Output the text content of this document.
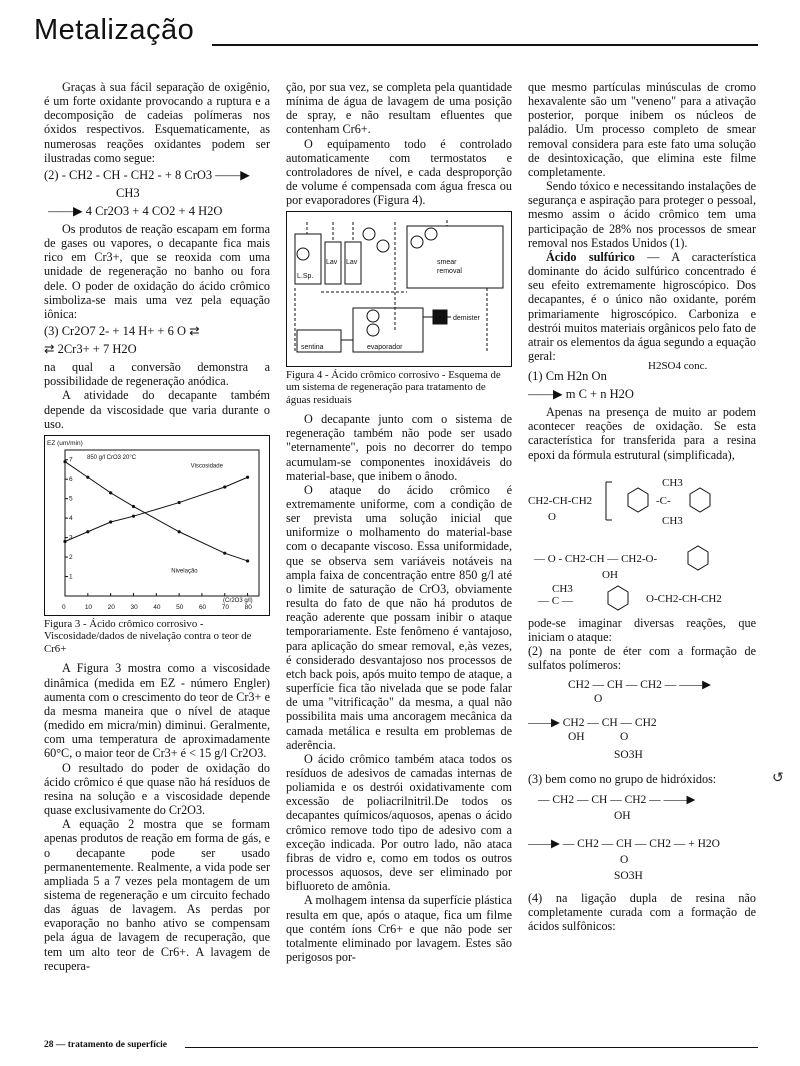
Metalização

Graças à sua fácil separação de oxigênio, é um forte oxidante provocando a ruptura e a decomposição de cadeias polímeras nos óxidos respectivos. Esquematicamente, as numerosas reações oxidantes podem ser ilustradas como segue:

(2) - CH2 - CH - CH2 - + 8 CrO3 ——▶
CH3
——▶ 4 Cr2O3 + 4 CO2 + 4 H2O

Os produtos de reação escapam em forma de gases ou vapores, o decapante fica mais rico em Cr3+, que se reoxida com uma unidade de regeneração no banho ou fora dele. O poder de oxidação do ácido crômico simboliza-se mais uma vez pela equação iônica:

(3) Cr2O7 2- + 14 H+ + 6 O ⇄
⇄ 2Cr3+ + 7 H2O

na qual a conversão demonstra a possibilidade de regeneração anódica.

A atividade do decapante também depende da viscosidade que varia durante o uso.

EZ (um/min)
850 g/l CrO3 20°C
(Cr2O3 g/l)
0	10 20 30 40 50 60 70 80
1
2
3
4
5
6
7
Viscosidade
Nivelação
Figura 3 - Ácido crômico corrosivo - Viscosidade/dados de nivelação contra o teor de Cr6+

A Figura 3 mostra como a viscosidade dinâmica (medida em EZ - número Engler) aumenta com o crescimento do teor de Cr3+ e da mesma maneira que o nível de ataque (medido em micra/min) diminui. Geralmente, com uma temperatura de aproximadamente 60°C, o maior teor de Cr3+ é < 15 g/l Cr2O3.

O resultado do poder de oxidação do ácido crômico é que quase não há resíduos de resina na solução e a viscosidade depende quase exclusivamente do Cr2O3.

A equação 2 mostra que se formam apenas produtos de reação em forma de gás, e o decapante pode ser usado permanentemente. Realmente, a vida pode ser ampliada 5 a 7 vezes pela montagem de um sistema de regeneração e um circuito fechado das águas de lavagem. As perdas por evaporação no banho ativo se compensam pela água de lavagem de recuperação, que tem um alto teor de Cr6+. A lavagem de recupera-

ção, por sua vez, se completa pela quantidade mínima de água de lavagem de uma posição de spray, e não resultam efluentes que contenham Cr6+.

O equipamento todo é controlado automaticamente com termostatos e controladores de nível, e cada desproporção de volume é compensada com água fresca ou por evaporadores (Figura 4).

L.Sp.
Lav Lav	smear
removal
sentina	evaporador
demister
Figura 4 - Ácido crômico corrosivo - Esquema de um sistema de regeneração para tratamento de águas residuais

O decapante junto com o sistema de regeneração também não pode ser usado "eternamente", pois no decorrer do tempo acumulam-se componentes inoxidáveis do material-base, que inibem o ânodo.

O ataque do ácido crômico é extremamente uniforme, com a condição de ser prevista uma solução inicial que uniformize o molhamento do material-base com o decapante viscoso. Essa uniformidade, que se observa sem variáveis notáveis na ampla faixa de concentração entre 850 g/l até o limite de saturação de CrO3, obviamente resulta do fato de que não há produtos de reação aderente que possam inibir o ataque temporariamente. Este fenômeno é vantajoso, para aplicação do smear removal, e,às vezes, é considerado desvantajoso nos processos de etch back pois, após muito tempo de ataque, a superfície fica tão nivelada que se pode falar de uma "vitrificação" da mesma, a qual não possibilita mais uma ancoragem mecânica da camada metálica e resulta em problemas de aderência.

O ácido crômico também ataca todos os resíduos de adesivos de camadas internas de poliamida e os destrói oxidativamente com excessão de poliacrilnitril.De todos os decapantes químicos/aquosos, apenas o ácido crômico remove todo tipo de adesivo com a exceção indicada. Por outro lado, não ataca fibras de vidro e, como em todos os outros processos aquosos, deve ser eliminado por bifluoreto de amônia.

A molhagem intensa da superfície plástica resulta em que, após o ataque, fica um filme que contém íons Cr6+ e que não pode ser totalmente eliminado por lavagem. Estes são perigosos por-

que mesmo partículas minúsculas de cromo hexavalente são um "veneno" para a ativação posterior, porque inibem os núcleos de paládio. Um processo completo de smear removal considera para este fato uma solução de desintoxicação, que elimina este filme completamente.

Sendo tóxico e necessitando instalações de segurança e aspiração para proteger o pessoal, mesmo assim o ácido crômico tem uma participação de 28% nos processos de smear removal nos Estados Unidos (1).

Ácido sulfúrico — A característica dominante do ácido sulfúrico concentrado é seu efeito extremamente higroscópico. Dos decapantes, é o único não oxidante, porém primariamente higroscópico. Carboniza e destrói muitos materiais orgânicos pelo fato de atrair os elementos da água segundo a equação geral:

(1) Cm H2n On
H2SO4 conc.
——▶ m C + n H2O

Apenas na presença de muito ar podem acontecer reações de oxidação. Se esta característica for transferida para a resina epoxi da fórmula estrutural (simplificada),

CH2-CH-CH2
O
-C-
CH3
CH3
— O - CH2-CH — CH2-O-
OH
CH3
— C —	O-CH2-CH-CH2

pode-se imaginar diversas reações, que iniciam o ataque:

(2) na ponte de éter com a formação de sulfatos polímeros:

CH2 — CH — CH2 — ——▶
O
——▶ CH2 — CH — CH2
OH	O
SO3H

(3) bem como no grupo de hidróxidos:

— CH2 — CH — CH2 — ——▶
OH
——▶ — CH2 — CH — CH2 — + H2O
O
SO3H

(4) na ligação dupla de resina não completamente curada com a formação de ácidos sulfônicos:

28 — tratamento de superfície
↺
